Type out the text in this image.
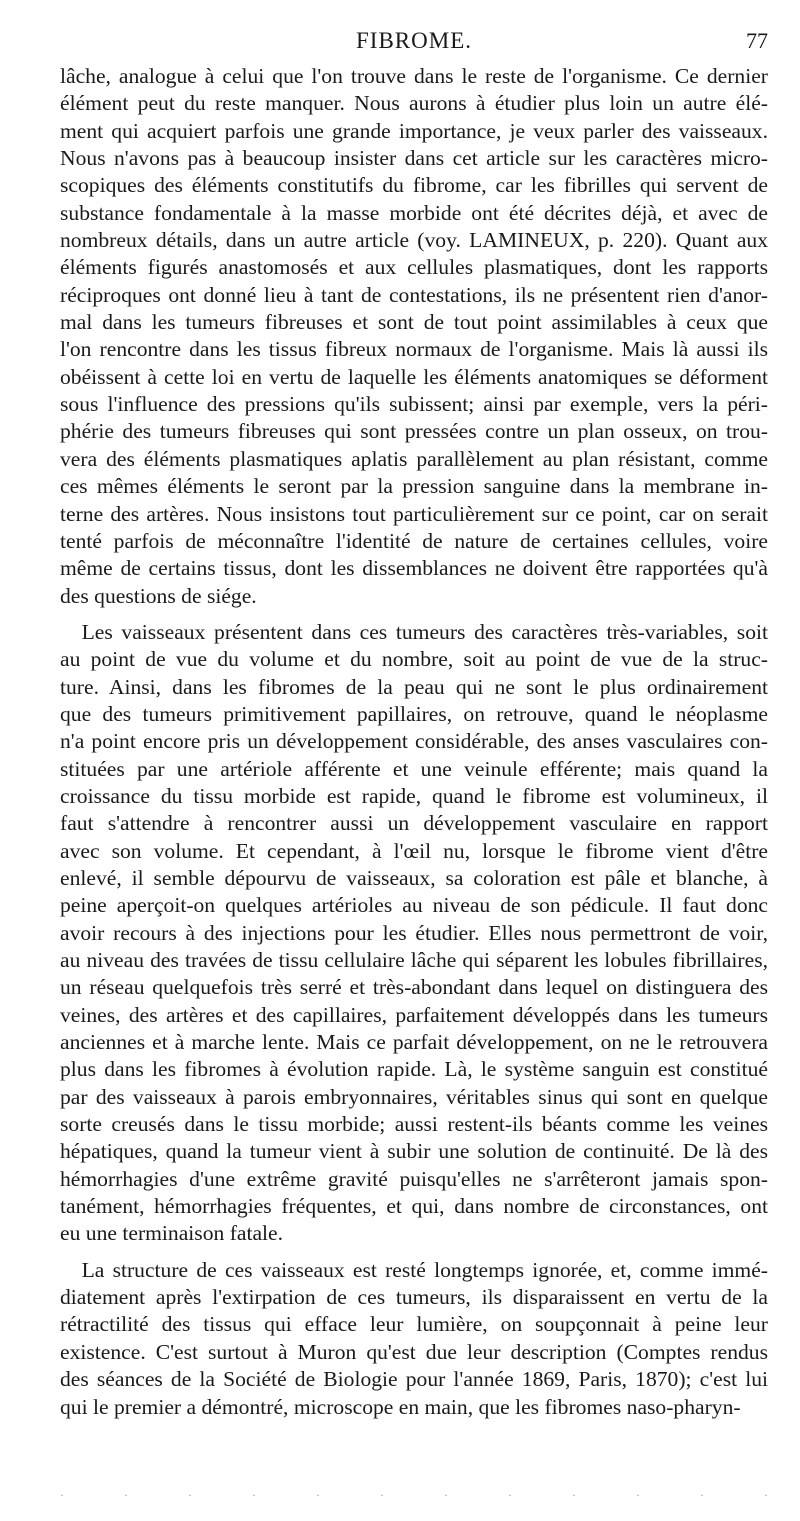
FIBROME.	77
lâche, analogue à celui que l'on trouve dans le reste de l'organisme. Ce dernier
élément peut du reste manquer. Nous aurons à étudier plus loin un autre élé-
ment qui acquiert parfois une grande importance, je veux parler des vaisseaux.
Nous n'avons pas à beaucoup insister dans cet article sur les caractères micro-
scopiques des éléments constitutifs du fibrome, car les fibrilles qui servent de
substance fondamentale à la masse morbide ont été décrites déjà, et avec de
nombreux détails, dans un autre article (voy. LAMINEUX, p. 220). Quant aux
éléments figurés anastomosés et aux cellules plasmatiques, dont les rapports
réciproques ont donné lieu à tant de contestations, ils ne présentent rien d'anor-
mal dans les tumeurs fibreuses et sont de tout point assimilables à ceux que
l'on rencontre dans les tissus fibreux normaux de l'organisme. Mais là aussi ils
obéissent à cette loi en vertu de laquelle les éléments anatomiques se déforment
sous l'influence des pressions qu'ils subissent; ainsi par exemple, vers la péri-
phérie des tumeurs fibreuses qui sont pressées contre un plan osseux, on trou-
vera des éléments plasmatiques aplatis parallèlement au plan résistant, comme
ces mêmes éléments le seront par la pression sanguine dans la membrane in-
terne des artères. Nous insistons tout particulièrement sur ce point, car on serait
tenté parfois de méconnaître l'identité de nature de certaines cellules, voire
même de certains tissus, dont les dissemblances ne doivent être rapportées qu'à
des questions de siége.
Les vaisseaux présentent dans ces tumeurs des caractères très-variables, soit
au point de vue du volume et du nombre, soit au point de vue de la struc-
ture. Ainsi, dans les fibromes de la peau qui ne sont le plus ordinairement
que des tumeurs primitivement papillaires, on retrouve, quand le néoplasme
n'a point encore pris un développement considérable, des anses vasculaires con-
stituées par une artériole afférente et une veinule efférente; mais quand la
croissance du tissu morbide est rapide, quand le fibrome est volumineux, il
faut s'attendre à rencontrer aussi un développement vasculaire en rapport
avec son volume. Et cependant, à l'œil nu, lorsque le fibrome vient d'être
enlevé, il semble dépourvu de vaisseaux, sa coloration est pâle et blanche, à
peine aperçoit-on quelques artérioles au niveau de son pédicule. Il faut donc
avoir recours à des injections pour les étudier. Elles nous permettront de voir,
au niveau des travées de tissu cellulaire lâche qui séparent les lobules fibrillaires,
un réseau quelquefois très serré et très-abondant dans lequel on distinguera des
veines, des artères et des capillaires, parfaitement développés dans les tumeurs
anciennes et à marche lente. Mais ce parfait développement, on ne le retrouvera
plus dans les fibromes à évolution rapide. Là, le système sanguin est constitué
par des vaisseaux à parois embryonnaires, véritables sinus qui sont en quelque
sorte creusés dans le tissu morbide; aussi restent-ils béants comme les veines
hépatiques, quand la tumeur vient à subir une solution de continuité. De là des
hémorrhagies d'une extrême gravité puisqu'elles ne s'arrêteront jamais spon-
tanément, hémorrhagies fréquentes, et qui, dans nombre de circonstances, ont
eu une terminaison fatale.
La structure de ces vaisseaux est resté longtemps ignorée, et, comme immé-
diatement après l'extirpation de ces tumeurs, ils disparaissent en vertu de la
rétractilité des tissus qui efface leur lumière, on soupçonnait à peine leur
existence. C'est surtout à Muron qu'est due leur description (Comptes rendus
des séances de la Société de Biologie pour l'année 1869, Paris, 1870); c'est lui
qui le premier a démontré, microscope en main, que les fibromes naso-pharyn-
·	·	·	·	·	·	·	·	·	·	·	·
